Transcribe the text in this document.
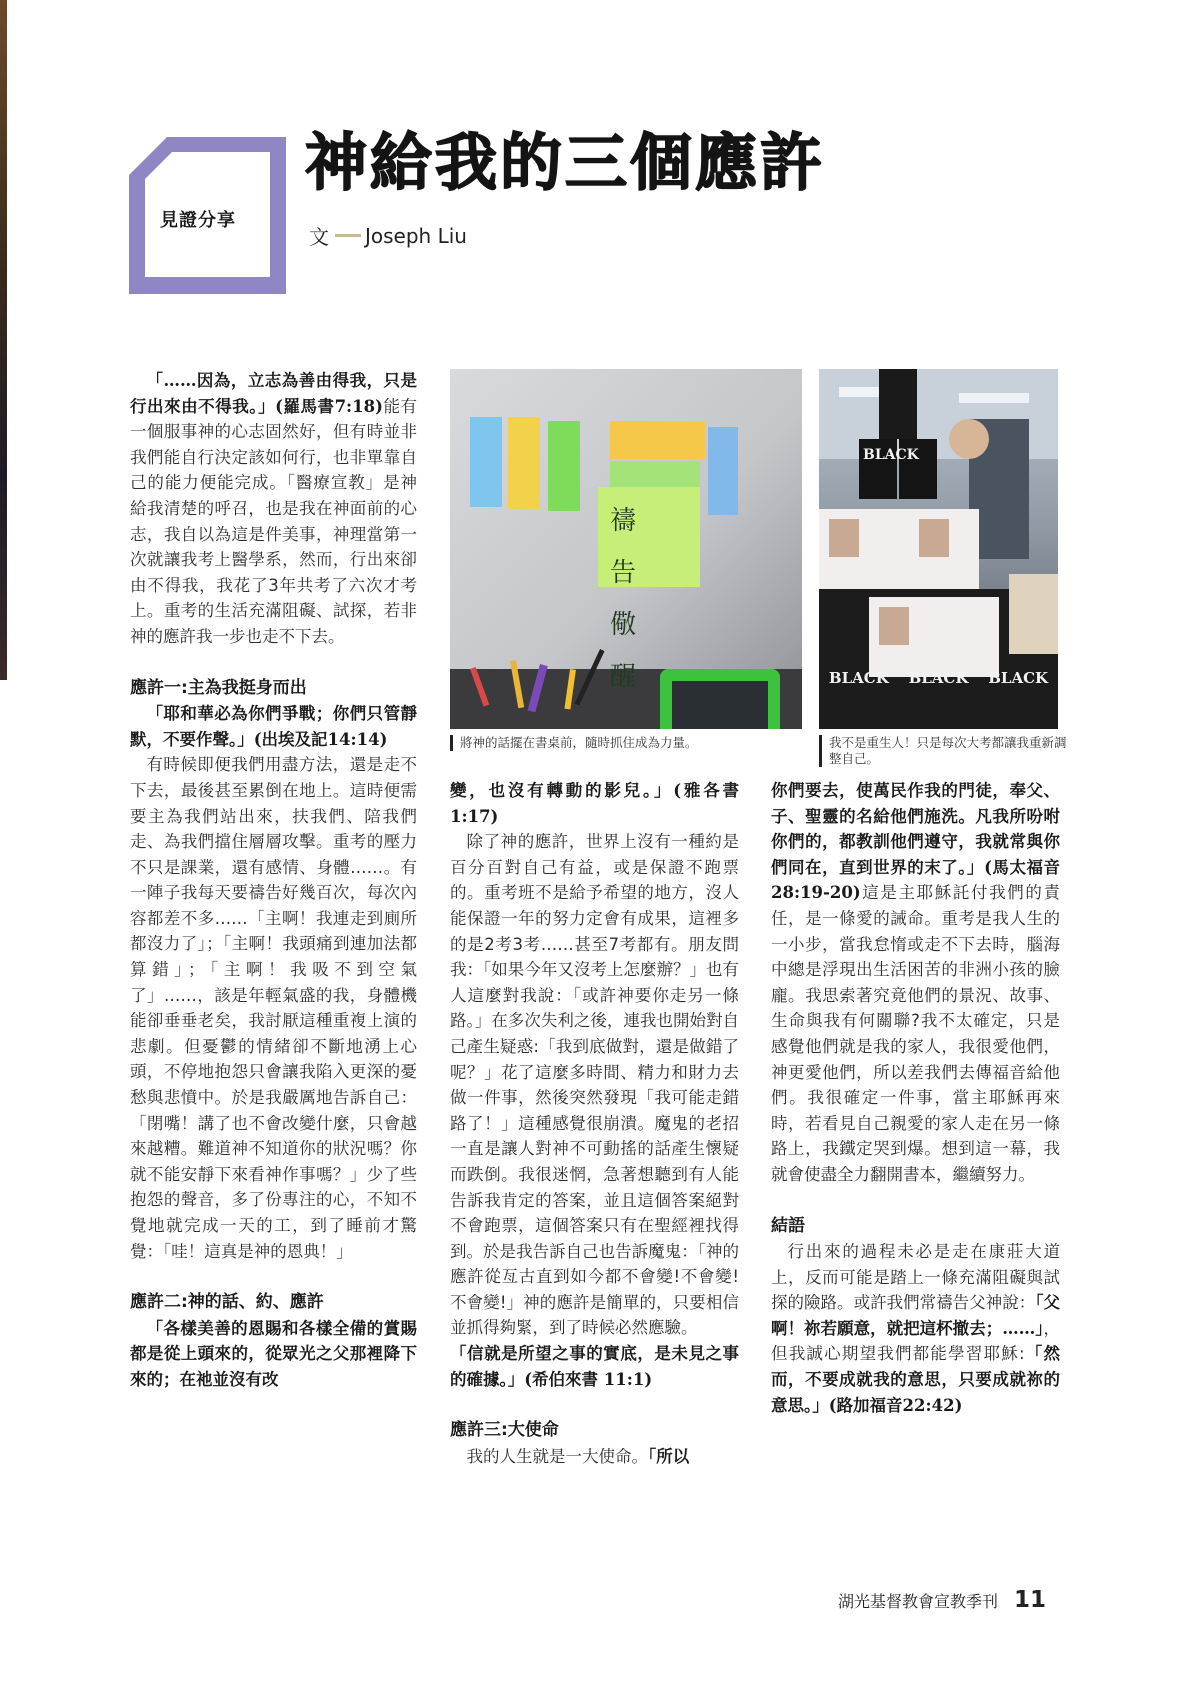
見證分享
神給我的三個應許
文 Joseph Liu

「……因為，立志為善由得我，只是行出來由不得我。」(羅馬書7:18)能有一個服事神的心志固然好，但有時並非我們能自行決定該如何行，也非單靠自己的能力便能完成。「醫療宣教」是神給我清楚的呼召，也是我在神面前的心志，我自以為這是件美事，神理當第一次就讓我考上醫學系，然而，行出來卻由不得我，我花了3年共考了六次才考上。重考的生活充滿阻礙、試探，若非神的應許我一步也走不下去。

應許一:主為我挺身而出

「耶和華必為你們爭戰；你們只管靜默，不要作聲。」(出埃及記14:14)

有時候即便我們用盡方法，還是走不下去，最後甚至累倒在地上。這時便需要主為我們站出來，扶我們、陪我們走、為我們擋住層層攻擊。重考的壓力不只是課業，還有感情、身體……。有一陣子我每天要禱告好幾百次，每次內容都差不多……「主啊！我連走到廁所都沒力了」；「主啊！我頭痛到連加法都算錯」；「主啊！我吸不到空氣了」……，該是年輕氣盛的我，身體機能卻垂垂老矣，我討厭這種重複上演的悲劇。但憂鬱的情緒卻不斷地湧上心頭，不停地抱怨只會讓我陷入更深的憂愁與悲憤中。於是我嚴厲地告訴自己：「閉嘴！講了也不會改變什麼，只會越來越糟。難道神不知道你的狀況嗎？你就不能安靜下來看神作事嗎？」少了些抱怨的聲音，多了份專注的心，不知不覺地就完成一天的工，到了睡前才驚覺：「哇！這真是神的恩典！」

應許二:神的話、約、應許

「各樣美善的恩賜和各樣全備的賞賜都是從上頭來的，從眾光之父那裡降下來的；在祂並沒有改

禱告
儆醒
將神的話擺在書桌前，隨時抓住成為力量。
BLACK BLACK BLACK
BLACK
我不是重生人！只是每次大考都讓我重新調整自己。

變，也沒有轉動的影兒。」(雅各書1:17)

除了神的應許，世界上沒有一種約是百分百對自己有益，或是保證不跑票的。重考班不是給予希望的地方，沒人能保證一年的努力定會有成果，這裡多的是2考3考……甚至7考都有。朋友問我：「如果今年又沒考上怎麼辦？」也有人這麼對我說：「或許神要你走另一條路。」在多次失利之後，連我也開始對自己產生疑惑:「我到底做對，還是做錯了呢？」花了這麼多時間、精力和財力去做一件事，然後突然發現「我可能走錯路了！」這種感覺很崩潰。魔鬼的老招一直是讓人對神不可動搖的話產生懷疑而跌倒。我很迷惘，急著想聽到有人能告訴我肯定的答案，並且這個答案絕對不會跑票，這個答案只有在聖經裡找得到。於是我告訴自己也告訴魔鬼：「神的應許從亙古直到如今都不會變!不會變!不會變!」神的應許是簡單的，只要相信並抓得夠緊，到了時候必然應驗。

「信就是所望之事的實底，是未見之事的確據。」(希伯來書 11:1)

應許三:大使命

我的人生就是一大使命。「所以

你們要去，使萬民作我的門徒，奉父、子、聖靈的名給他們施洗。凡我所吩咐你們的，都教訓他們遵守，我就常與你們同在，直到世界的末了。」(馬太福音28:19-20)這是主耶穌託付我們的責任，是一條愛的誡命。重考是我人生的一小步，當我怠惰或走不下去時，腦海中總是浮現出生活困苦的非洲小孩的臉龐。我思索著究竟他們的景況、故事、生命與我有何關聯?我不太確定，只是感覺他們就是我的家人，我很愛他們，神更愛他們，所以差我們去傳福音給他們。我很確定一件事，當主耶穌再來時，若看見自己親愛的家人走在另一條路上，我鐵定哭到爆。想到這一幕，我就會使盡全力翻開書本，繼續努力。

結語

行出來的過程未必是走在康莊大道上，反而可能是踏上一條充滿阻礙與試探的險路。或許我們常禱告父神說：「父啊！祢若願意，就把這杯撤去；……」，但我誠心期望我們都能學習耶穌:「然而，不要成就我的意思，只要成就祢的意思。」(路加福音22:42)

湖光基督教會宣教季刊 11
